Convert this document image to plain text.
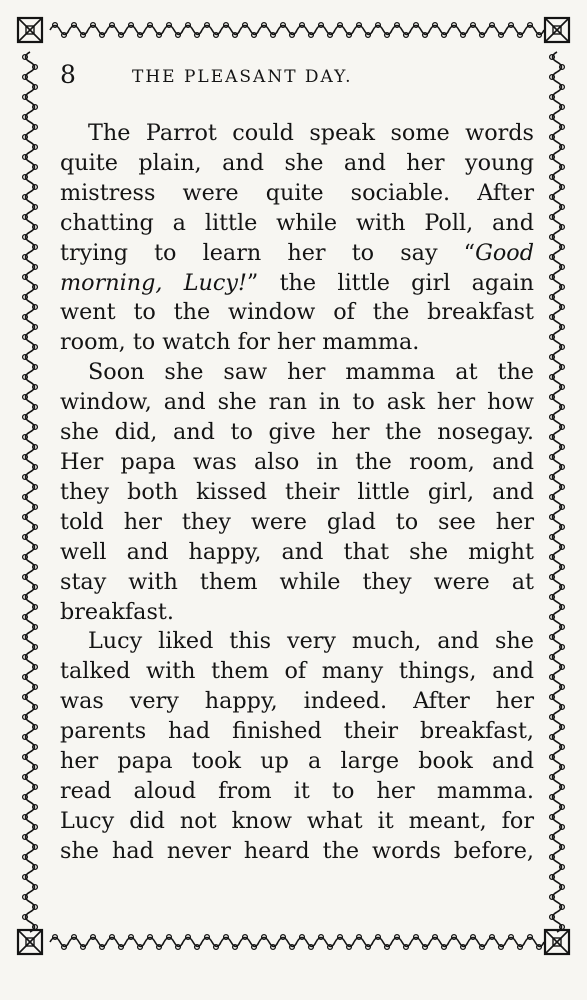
8	THE PLEASANT DAY.
The Parrot could speak some words
quite plain, and she and her young
mistress were quite sociable. After
chatting a little while with Poll, and
trying to learn her to say “Good
morning, Lucy!” the little girl again
went to the window of the breakfast
room, to watch for her mamma.
Soon she saw her mamma at the
window, and she ran in to ask her how
she did, and to give her the nosegay.
Her papa was also in the room, and
they both kissed their little girl, and
told her they were glad to see her
well and happy, and that she might
stay with them while they were at
breakfast.
Lucy liked this very much, and she
talked with them of many things, and
was very happy, indeed. After her
parents had finished their breakfast,
her papa took up a large book and
read aloud from it to her mamma.
Lucy did not know what it meant, for
she had never heard the words before,
